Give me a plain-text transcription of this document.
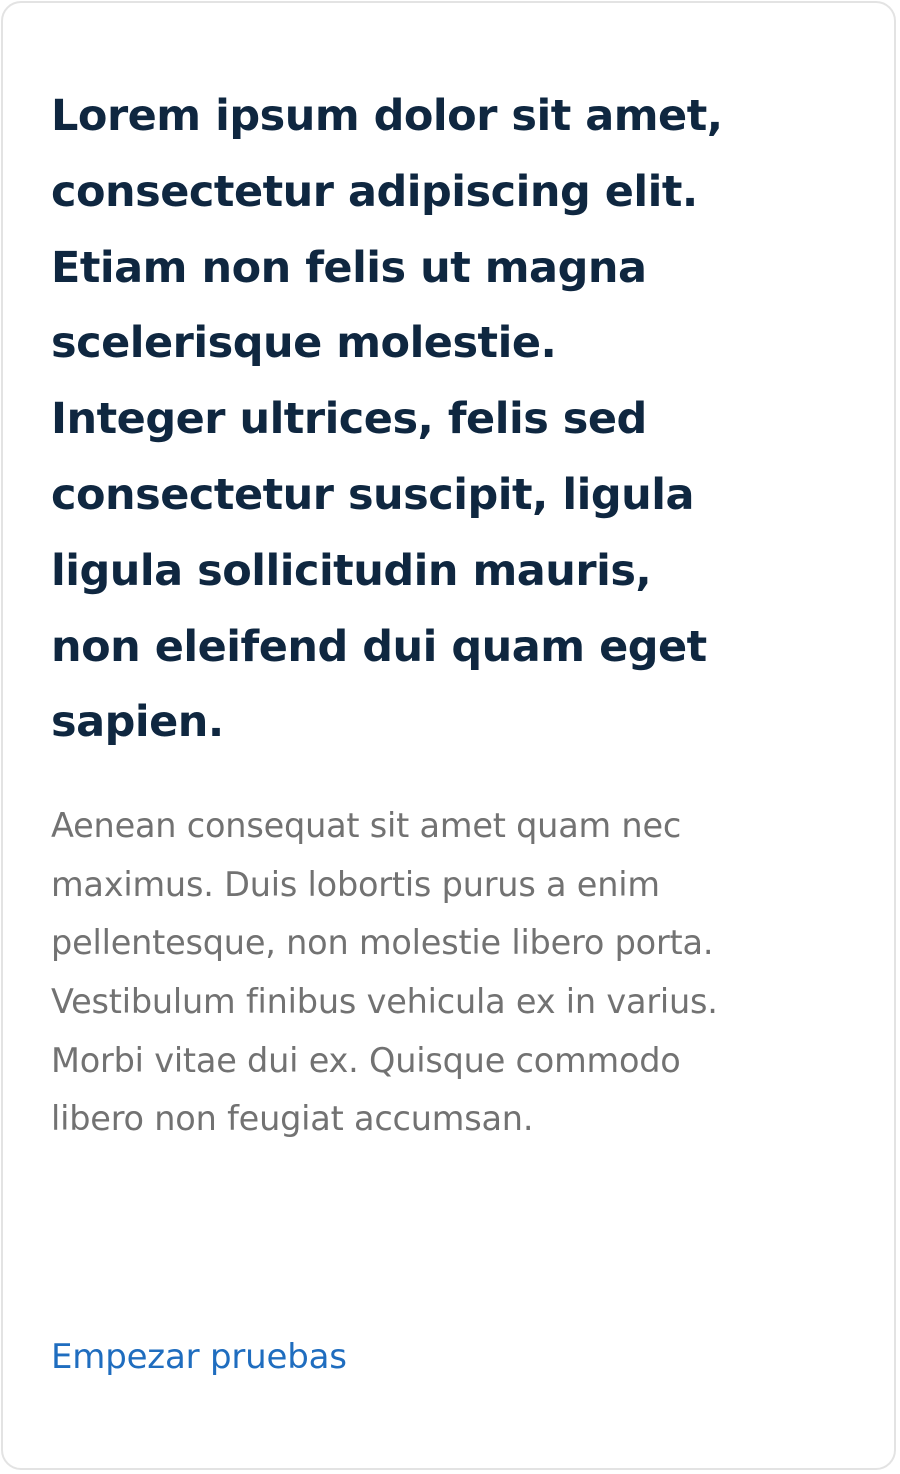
Lorem ipsum dolor sit amet, consectetur adipiscing elit. Etiam non felis ut magna scelerisque molestie. Integer ultrices, felis sed consectetur suscipit, ligula ligula sollicitudin mauris, non eleifend dui quam eget sapien.

Aenean consequat sit amet quam nec maximus. Duis lobortis purus a enim pellentesque, non molestie libero porta. Vestibulum finibus vehicula ex in varius. Morbi vitae dui ex. Quisque commodo libero non feugiat accumsan.

Empezar pruebas
